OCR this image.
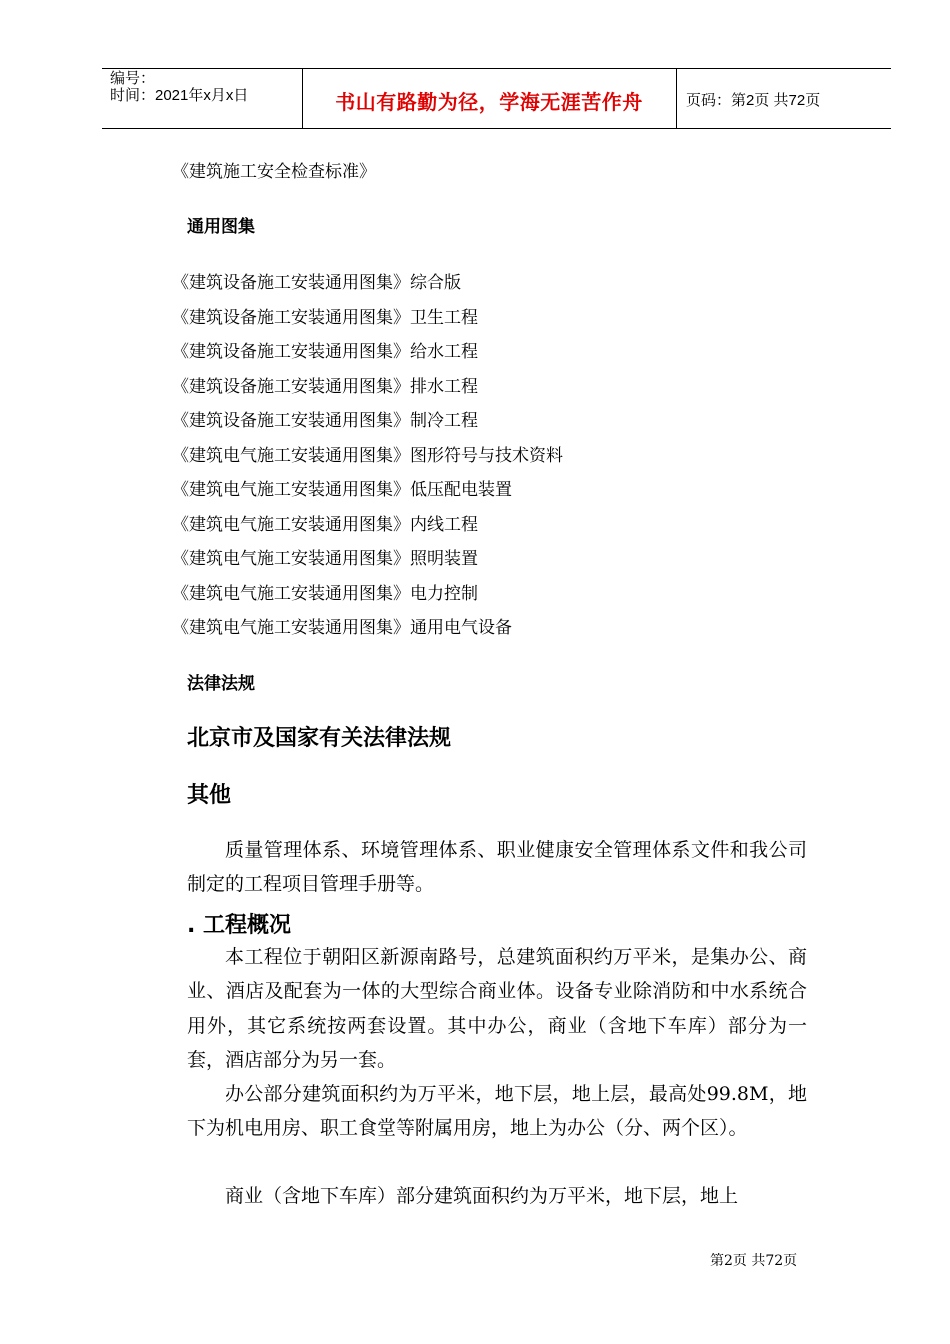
编号：
时间：2021年x月x日	书山有路勤为径，学海无涯苦作舟	页码：第2页 共72页
《建筑施工安全检查标准》
通用图集
《建筑设备施工安装通用图集》综合版
《建筑设备施工安装通用图集》卫生工程
《建筑设备施工安装通用图集》给水工程
《建筑设备施工安装通用图集》排水工程
《建筑设备施工安装通用图集》制冷工程
《建筑电气施工安装通用图集》图形符号与技术资料
《建筑电气施工安装通用图集》低压配电装置
《建筑电气施工安装通用图集》内线工程
《建筑电气施工安装通用图集》照明装置
《建筑电气施工安装通用图集》电力控制
《建筑电气施工安装通用图集》通用电气设备
法律法规
北京市及国家有关法律法规
其他

质量管理体系、环境管理体系、职业健康安全管理体系文件和我公司制定的工程项目管理手册等。

. 工程概况

本工程位于朝阳区新源南路号，总建筑面积约万平米，是集办公、商业、酒店及配套为一体的大型综合商业体。设备专业除消防和中水系统合用外，其它系统按两套设置。其中办公，商业（含地下车库）部分为一套，酒店部分为另一套。

办公部分建筑面积约为万平米，地下层，地上层，最高处99.8M，地下为机电用房、职工食堂等附属用房，地上为办公（分、两个区）。

商业（含地下车库）部分建筑面积约为万平米，地下层，地上

第2页 共72页
